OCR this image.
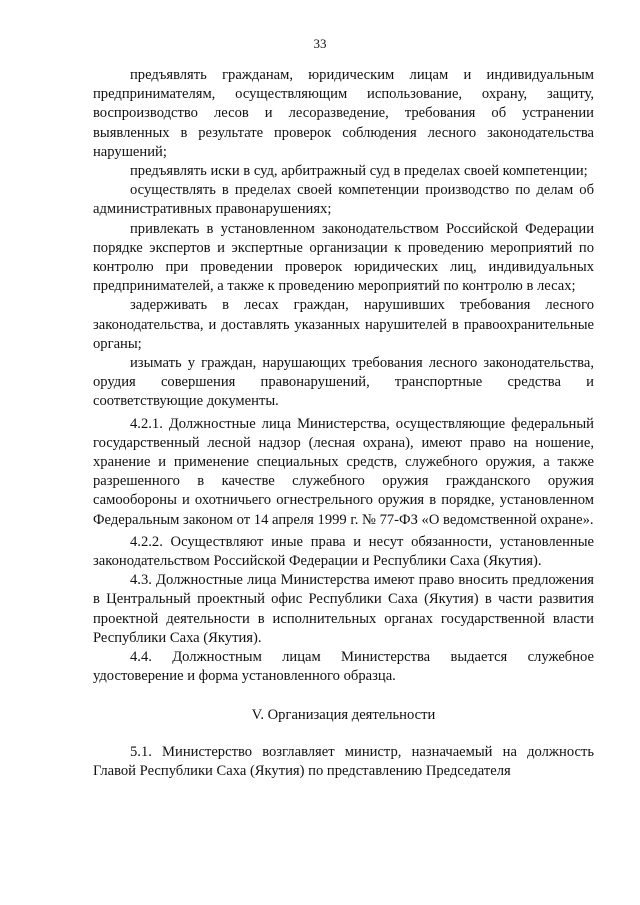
33

предъявлять гражданам, юридическим лицам и индивидуальным предпринимателям, осуществляющим использование, охрану, защиту, воспроизводство лесов и лесоразведение, требования об устранении выявленных в результате проверок соблюдения лесного законодательства нарушений;

предъявлять иски в суд, арбитражный суд в пределах своей компетенции;

осуществлять в пределах своей компетенции производство по делам об административных правонарушениях;

привлекать в установленном законодательством Российской Федерации порядке экспертов и экспертные организации к проведению мероприятий по контролю при проведении проверок юридических лиц, индивидуальных предпринимателей, а также к проведению мероприятий по контролю в лесах;

задерживать в лесах граждан, нарушивших требования лесного законодательства, и доставлять указанных нарушителей в правоохранительные органы;

изымать у граждан, нарушающих требования лесного законодательства, орудия совершения правонарушений, транспортные средства и соответствующие документы.

4.2.1. Должностные лица Министерства, осуществляющие федеральный государственный лесной надзор (лесная охрана), имеют право на ношение, хранение и применение специальных средств, служебного оружия, а также разрешенного в качестве служебного оружия гражданского оружия самообороны и охотничьего огнестрельного оружия в порядке, установленном Федеральным законом от 14 апреля 1999 г. № 77-ФЗ «О ведомственной охране».

4.2.2. Осуществляют иные права и несут обязанности, установленные законодательством Российской Федерации и Республики Саха (Якутия).

4.3. Должностные лица Министерства имеют право вносить предложения в Центральный проектный офис Республики Саха (Якутия) в части развития проектной деятельности в исполнительных органах государственной власти Республики Саха (Якутия).

4.4. Должностным лицам Министерства выдается служебное удостоверение и форма установленного образца.

V. Организация деятельности

5.1. Министерство возглавляет министр, назначаемый на должность Главой Республики Саха (Якутия) по представлению Председателя
